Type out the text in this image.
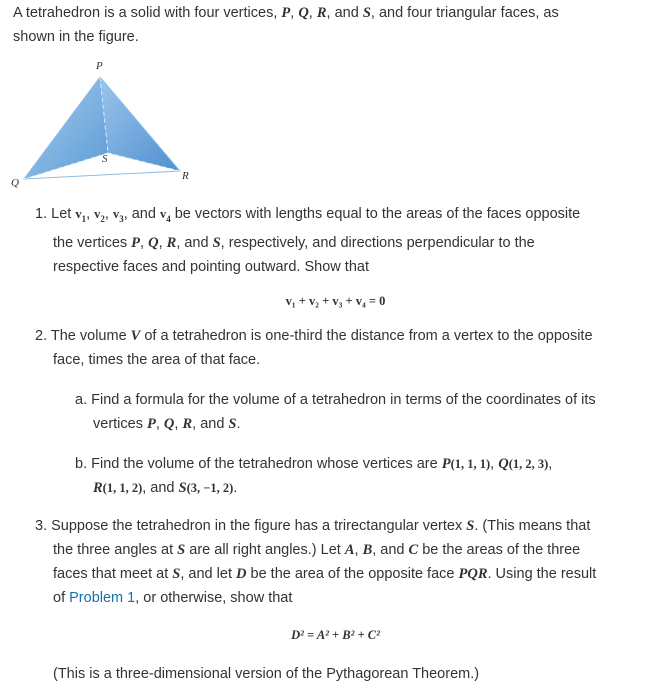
A tetrahedron is a solid with four vertices, P, Q, R, and S, and four triangular faces, as
shown in the figure.
P
Q
R
S
1. Let $v_1$, $v_2$, $v_3$, and $v_4$ be vectors with lengths equal to the areas of the faces opposite
the vertices P, Q, R, and S, respectively, and directions perpendicular to the
respective faces and pointing outward. Show that
v₁ + v₂ + v₃ + v₄ = 0
2. The volume V of a tetrahedron is one-third the distance from a vertex to the opposite
face, times the area of that face.
a. Find a formula for the volume of a tetrahedron in terms of the coordinates of its
vertices P, Q, R, and S.
b. Find the volume of the tetrahedron whose vertices are P(1, 1, 1), Q(1, 2, 3),
R(1, 1, 2), and S(3, −1, 2).
3. Suppose the tetrahedron in the figure has a trirectangular vertex S. (This means that
the three angles at S are all right angles.) Let A, B, and C be the areas of the three
faces that meet at S, and let D be the area of the opposite face PQR. Using the result
of Problem 1, or otherwise, show that
D² = A² + B² + C²
(This is a three-dimensional version of the Pythagorean Theorem.)
